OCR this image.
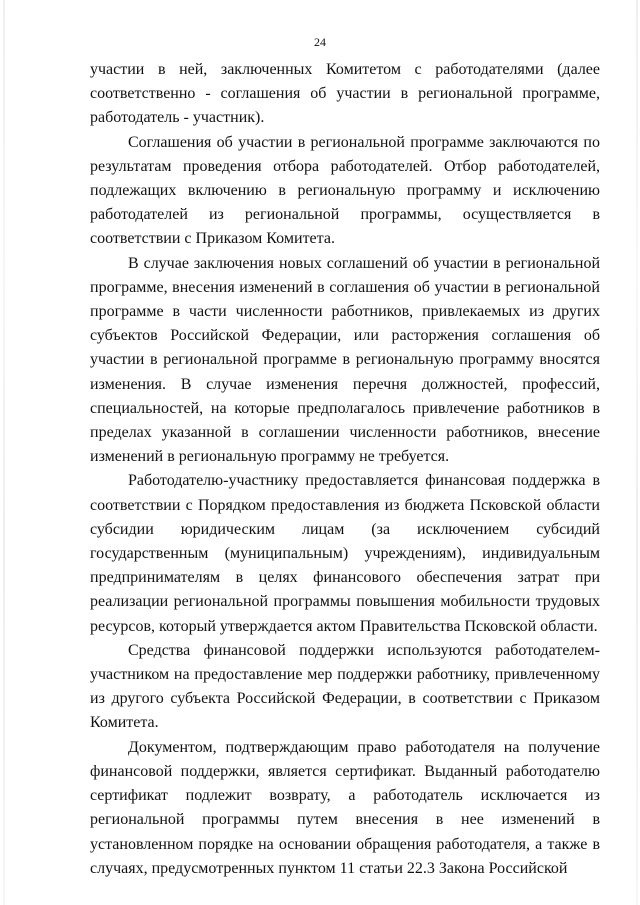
24

участии в ней, заключенных Комитетом с работодателями (далее соответственно - соглашения об участии в региональной программе, работодатель - участник).

Соглашения об участии в региональной программе заключаются по результатам проведения отбора работодателей. Отбор работодателей, подлежащих включению в региональную программу и исключению работодателей из региональной программы, осуществляется в соответствии с Приказом Комитета.

В случае заключения новых соглашений об участии в региональной программе, внесения изменений в соглашения об участии в региональной программе в части численности работников, привлекаемых из других субъектов Российской Федерации, или расторжения соглашения об участии в региональной программе в региональную программу вносятся изменения. В случае изменения перечня должностей, профессий, специальностей, на которые предполагалось привлечение работников в пределах указанной в соглашении численности работников, внесение изменений в региональную программу не требуется.

Работодателю-участнику предоставляется финансовая поддержка в соответствии с Порядком предоставления из бюджета Псковской области субсидии юридическим лицам (за исключением субсидий государственным (муниципальным) учреждениям), индивидуальным предпринимателям в целях финансового обеспечения затрат при реализации региональной программы повышения мобильности трудовых ресурсов, который утверждается актом Правительства Псковской области.

Средства финансовой поддержки используются работодателем-участником на предоставление мер поддержки работнику, привлеченному из другого субъекта Российской Федерации, в соответствии с Приказом Комитета.

Документом, подтверждающим право работодателя на получение финансовой поддержки, является сертификат. Выданный работодателю сертификат подлежит возврату, а работодатель исключается из региональной программы путем внесения в нее изменений в установленном порядке на основании обращения работодателя, а также в случаях, предусмотренных пунктом 11 статьи 22.3 Закона Российской
